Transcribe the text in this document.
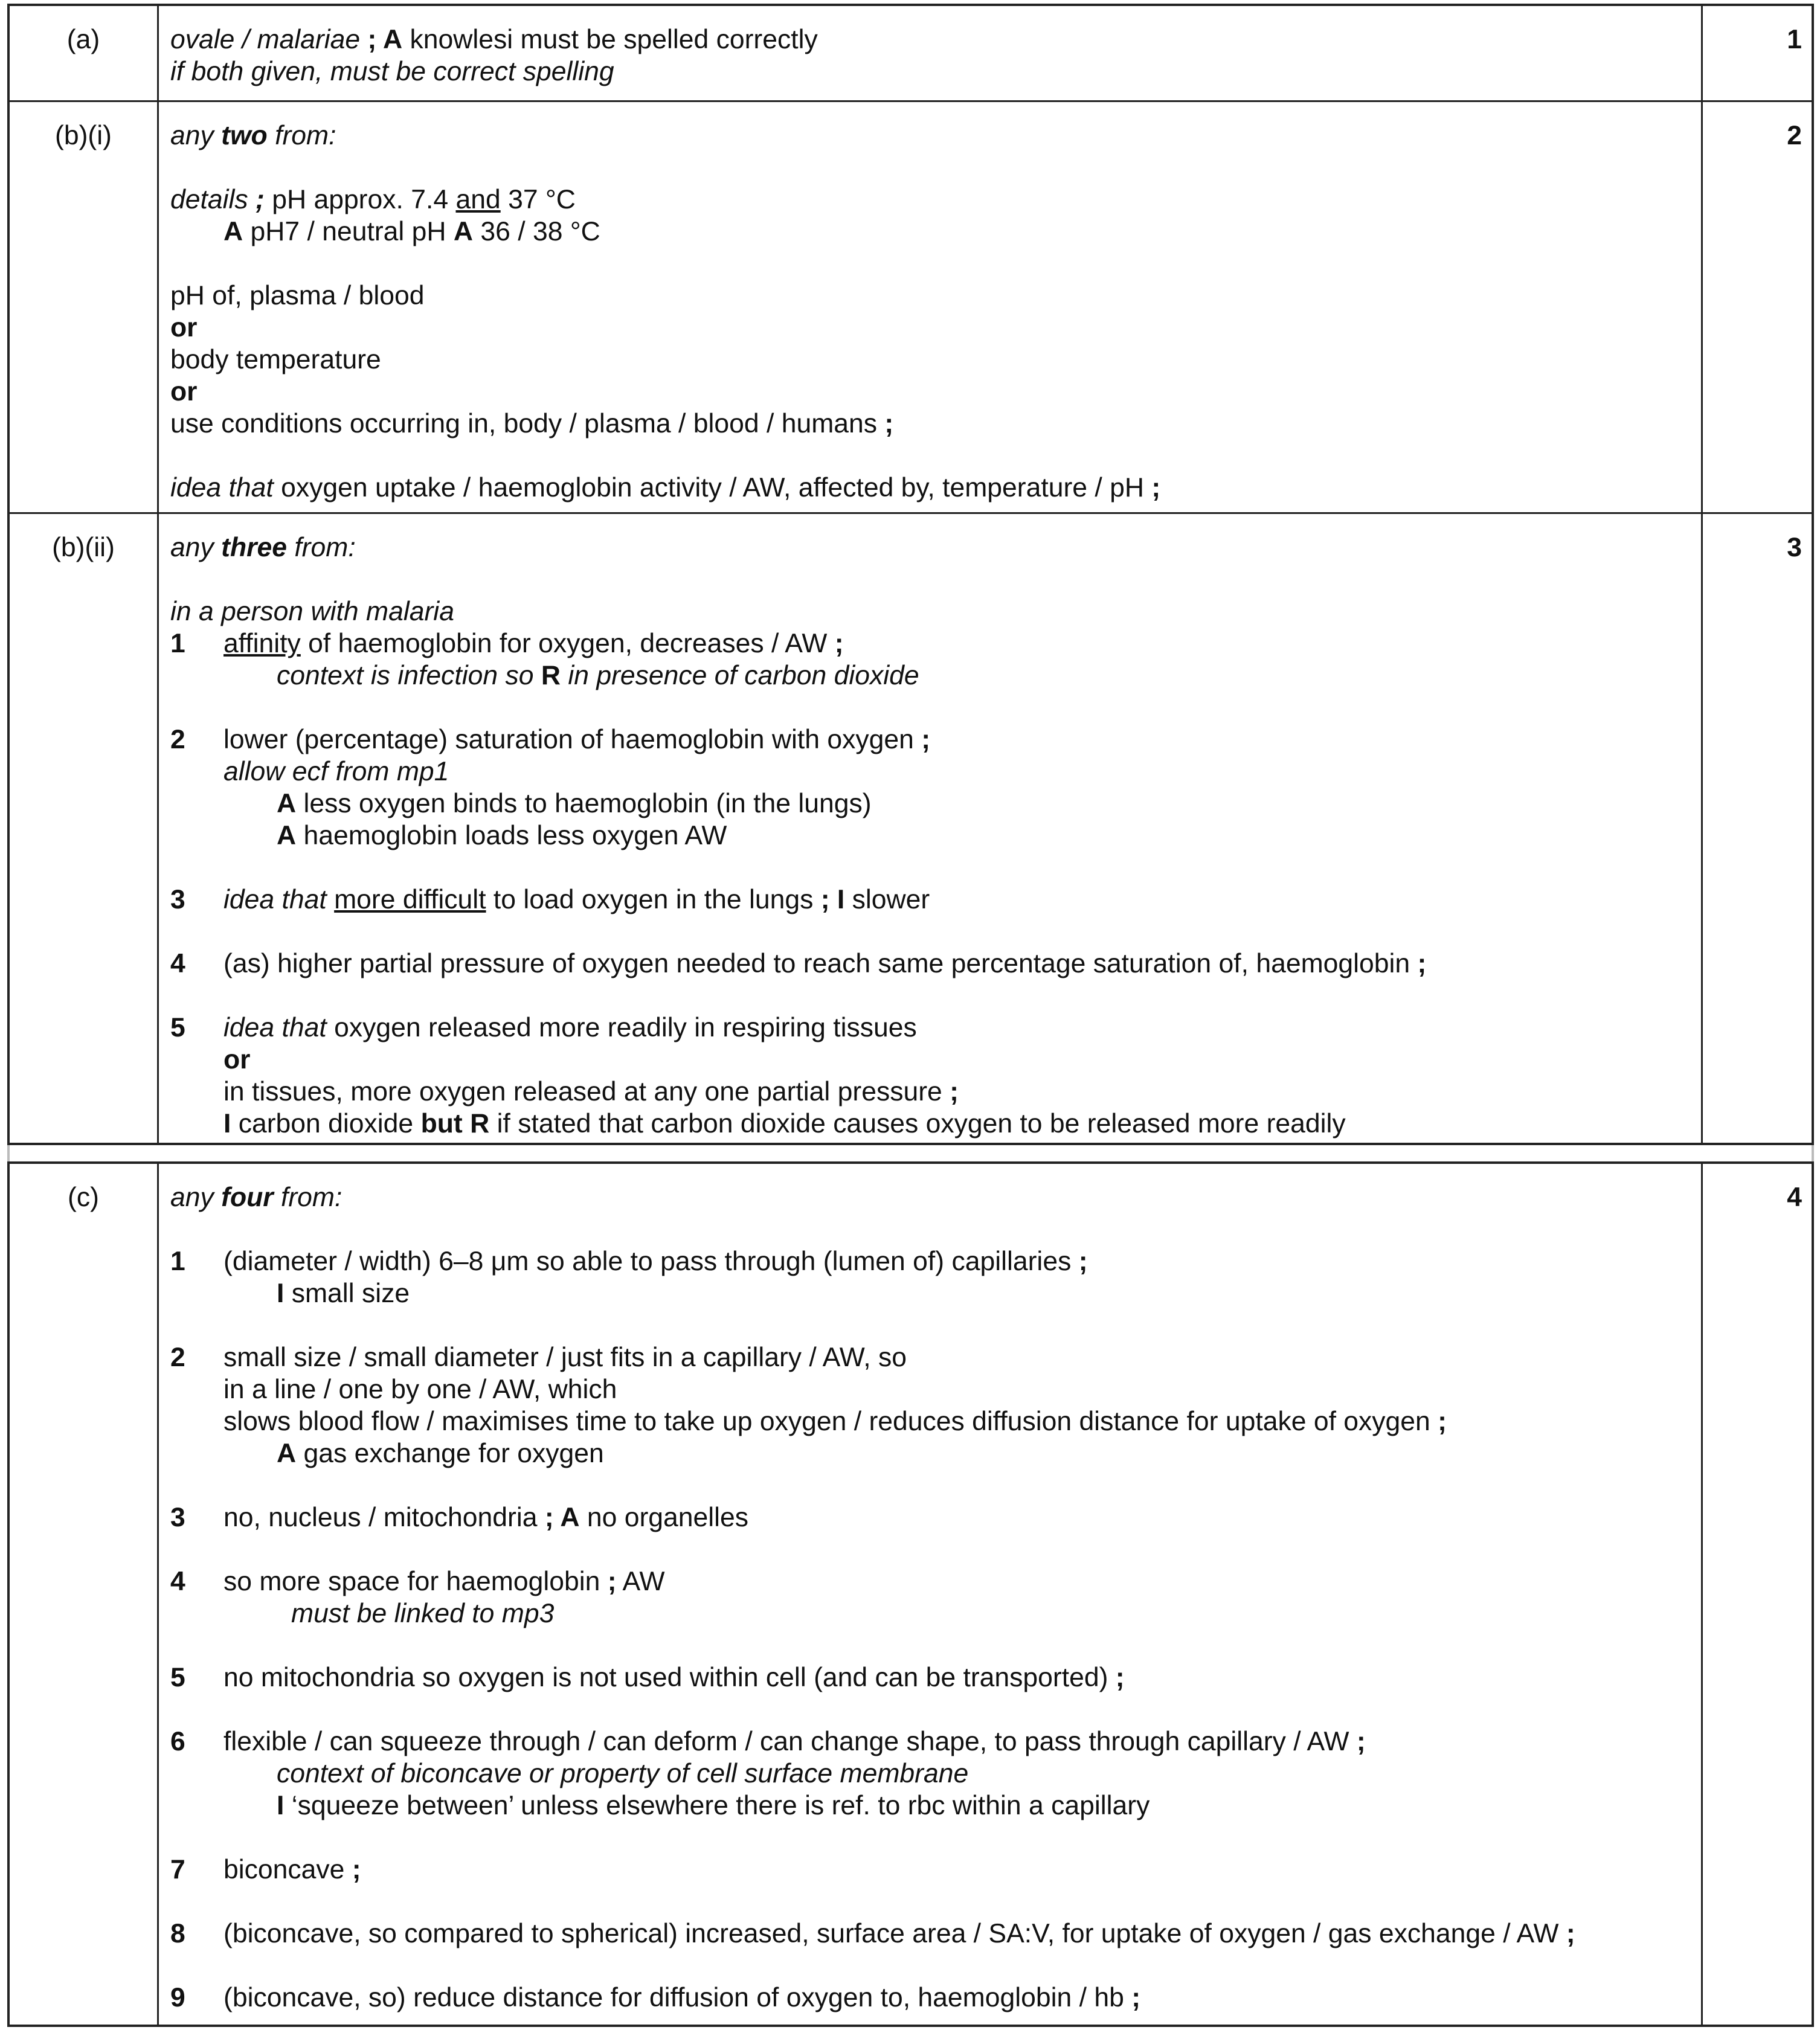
(a)	ovale / malariae ; A knowlesi must be spelled correctly
if both given, must be correct spelling
1
(b)(i)	any two from:
details ; pH approx. 7.4 and 37 °C
A pH7 / neutral pH A 36 / 38 °C
pH of, plasma / blood
or
body temperature
or
use conditions occurring in, body / plasma / blood / humans ;
idea that oxygen uptake / haemoglobin activity / AW, affected by, temperature / pH ;
2
(b)(ii)	any three from:
in a person with malaria
1 affinity of haemoglobin for oxygen, decreases / AW ;
context is infection so R in presence of carbon dioxide
2 lower (percentage) saturation of haemoglobin with oxygen ;
allow ecf from mp1
A less oxygen binds to haemoglobin (in the lungs)
A haemoglobin loads less oxygen AW
3 idea that more difficult to load oxygen in the lungs ; I slower
4 (as) higher partial pressure of oxygen needed to reach same percentage saturation of, haemoglobin ;
5 idea that oxygen released more readily in respiring tissues
or
in tissues, more oxygen released at any one partial pressure ;
I carbon dioxide but R if stated that carbon dioxide causes oxygen to be released more readily
3
(c)	any four from:
1 (diameter / width) 6–8 μm so able to pass through (lumen of) capillaries ;
I small size
2 small size / small diameter / just fits in a capillary / AW, so
in a line / one by one / AW, which
slows blood flow / maximises time to take up oxygen / reduces diffusion distance for uptake of oxygen ;
A gas exchange for oxygen
3 no, nucleus / mitochondria ; A no organelles
4 so more space for haemoglobin ; AW
must be linked to mp3
5 no mitochondria so oxygen is not used within cell (and can be transported) ;
6 flexible / can squeeze through / can deform / can change shape, to pass through capillary / AW ;
context of biconcave or property of cell surface membrane
I ‘squeeze between’ unless elsewhere there is ref. to rbc within a capillary
7 biconcave ;
8 (biconcave, so compared to spherical) increased, surface area / SA:V, for uptake of oxygen / gas exchange / AW ;
9 (biconcave, so) reduce distance for diffusion of oxygen to, haemoglobin / hb ;
4
